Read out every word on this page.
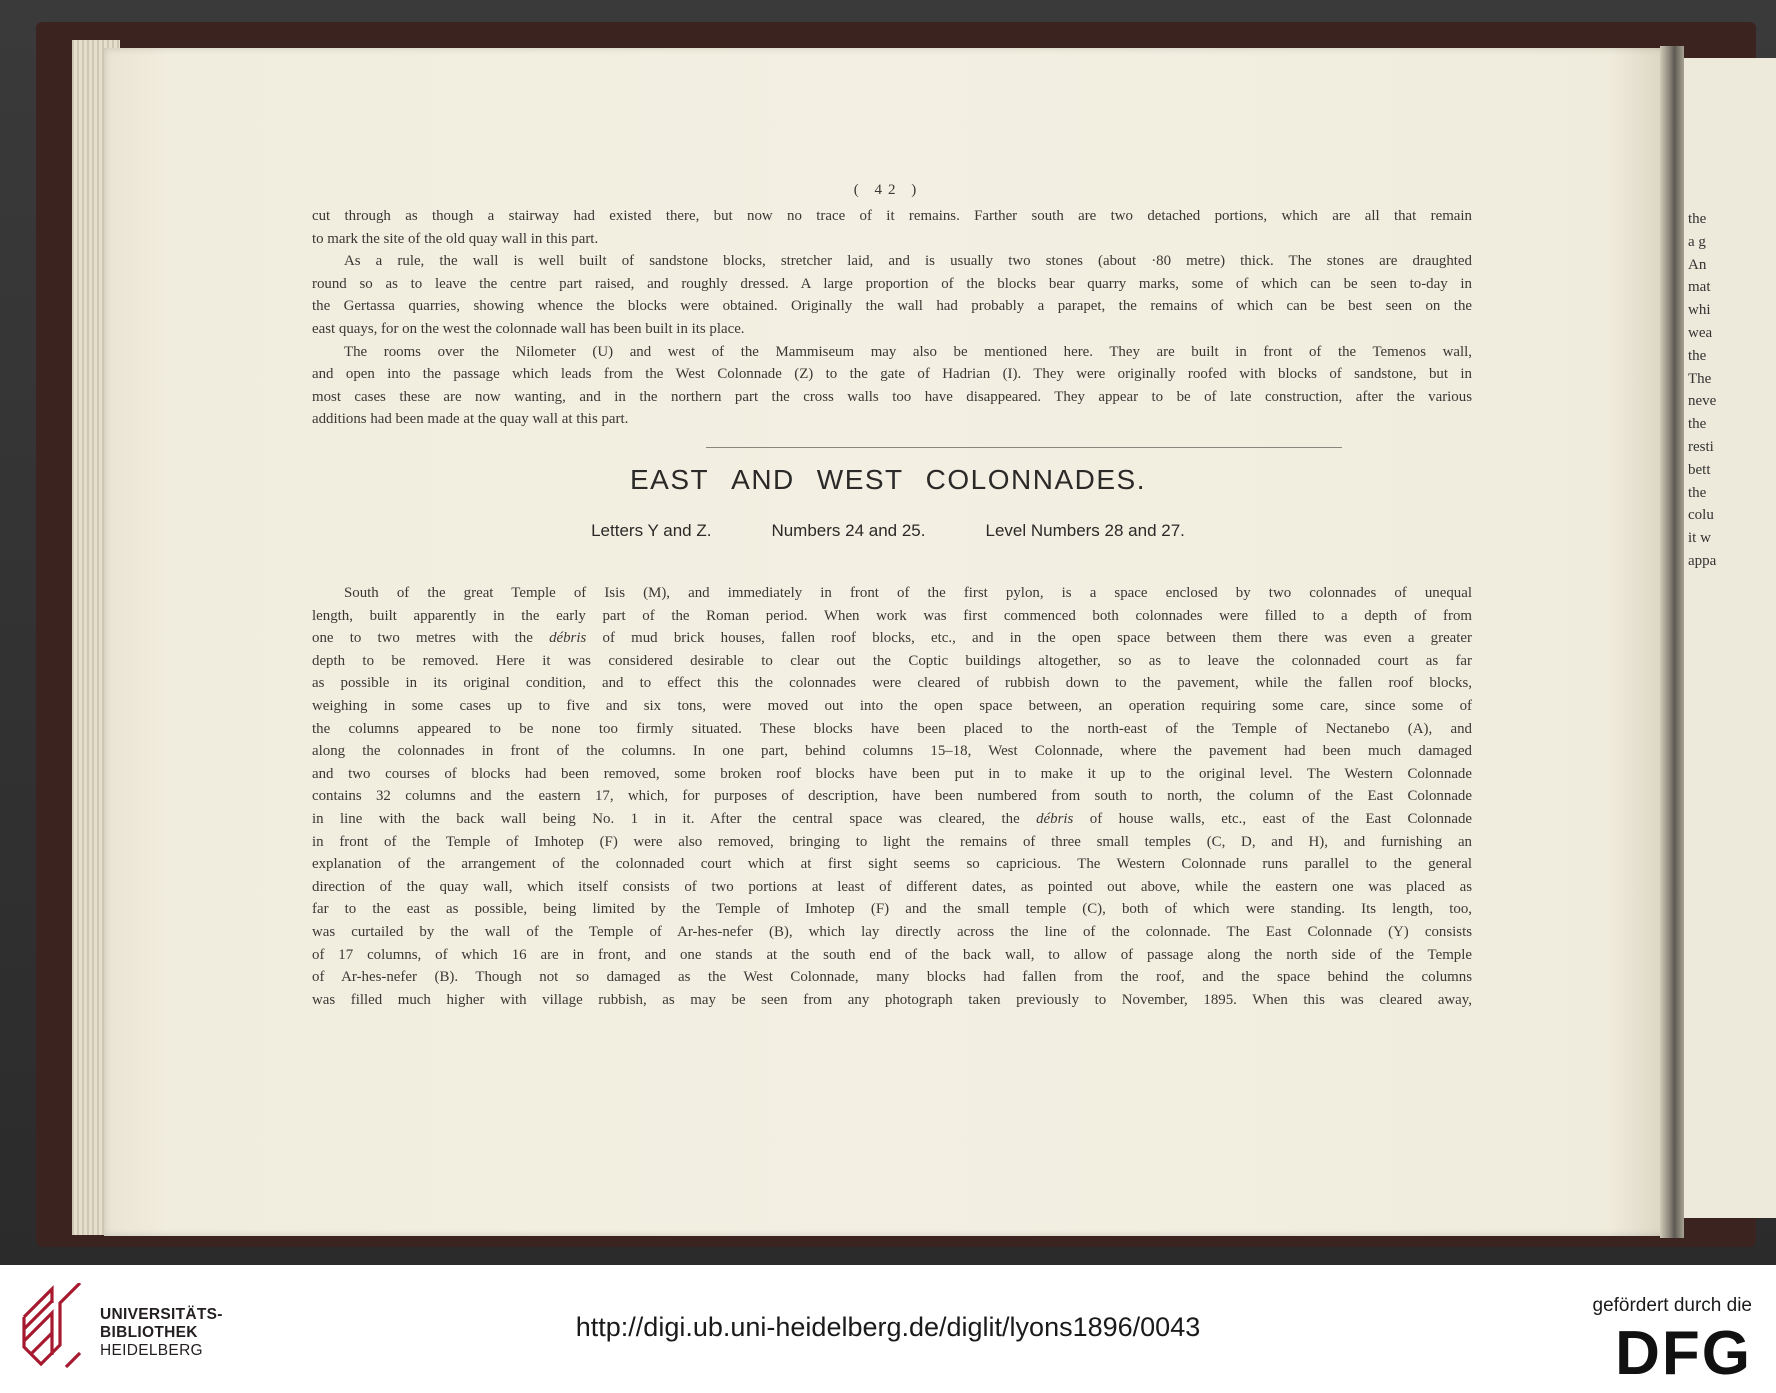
( 42 )
cut through as though a stairway had existed there, but now no trace of it remains. Farther south are two detached portions, which are all that remain
to mark the site of the old quay wall in this part.
As a rule, the wall is well built of sandstone blocks, stretcher laid, and is usually two stones (about ·80 metre) thick. The stones are draughted
round so as to leave the centre part raised, and roughly dressed. A large proportion of the blocks bear quarry marks, some of which can be seen to-day in
the Gertassa quarries, showing whence the blocks were obtained. Originally the wall had probably a parapet, the remains of which can be best seen on the
east quays, for on the west the colonnade wall has been built in its place.
The rooms over the Nilometer (U) and west of the Mammiseum may also be mentioned here. They are built in front of the Temenos wall,
and open into the passage which leads from the West Colonnade (Z) to the gate of Hadrian (I). They were originally roofed with blocks of sandstone, but in
most cases these are now wanting, and in the northern part the cross walls too have disappeared. They appear to be of late construction, after the various
additions had been made at the quay wall at this part.
EAST AND WEST COLONNADES.
Letters Y and Z.	Numbers 24 and 25.	Level Numbers 28 and 27.
South of the great Temple of Isis (M), and immediately in front of the first pylon, is a space enclosed by two colonnades of unequal
length, built apparently in the early part of the Roman period. When work was first commenced both colonnades were filled to a depth of from
one to two metres with the débris of mud brick houses, fallen roof blocks, etc., and in the open space between them there was even a greater
depth to be removed. Here it was considered desirable to clear out the Coptic buildings altogether, so as to leave the colonnaded court as far
as possible in its original condition, and to effect this the colonnades were cleared of rubbish down to the pavement, while the fallen roof blocks,
weighing in some cases up to five and six tons, were moved out into the open space between, an operation requiring some care, since some of
the columns appeared to be none too firmly situated. These blocks have been placed to the north-east of the Temple of Nectanebo (A), and
along the colonnades in front of the columns. In one part, behind columns 15–18, West Colonnade, where the pavement had been much damaged
and two courses of blocks had been removed, some broken roof blocks have been put in to make it up to the original level. The Western Colonnade
contains 32 columns and the eastern 17, which, for purposes of description, have been numbered from south to north, the column of the East Colonnade
in line with the back wall being No. 1 in it. After the central space was cleared, the débris of house walls, etc., east of the East Colonnade
in front of the Temple of Imhotep (F) were also removed, bringing to light the remains of three small temples (C, D, and H), and furnishing an
explanation of the arrangement of the colonnaded court which at first sight seems so capricious. The Western Colonnade runs parallel to the general
direction of the quay wall, which itself consists of two portions at least of different dates, as pointed out above, while the eastern one was placed as
far to the east as possible, being limited by the Temple of Imhotep (F) and the small temple (C), both of which were standing. Its length, too,
was curtailed by the wall of the Temple of Ar-hes-nefer (B), which lay directly across the line of the colonnade. The East Colonnade (Y) consists
of 17 columns, of which 16 are in front, and one stands at the south end of the back wall, to allow of passage along the north side of the Temple
of Ar-hes-nefer (B). Though not so damaged as the West Colonnade, many blocks had fallen from the roof, and the space behind the columns
was filled much higher with village rubbish, as may be seen from any photograph taken previously to November, 1895. When this was cleared away,
the
a g
An
mat
whi
wea
the
The
neve
the
resti
bett
the
colu
it w
appa
UNIVERSITÄTS-
BIBLIOTHEK
HEIDELBERG
http://digi.ub.uni-heidelberg.de/diglit/lyons1896/0043
gefördert durch die
DFG
